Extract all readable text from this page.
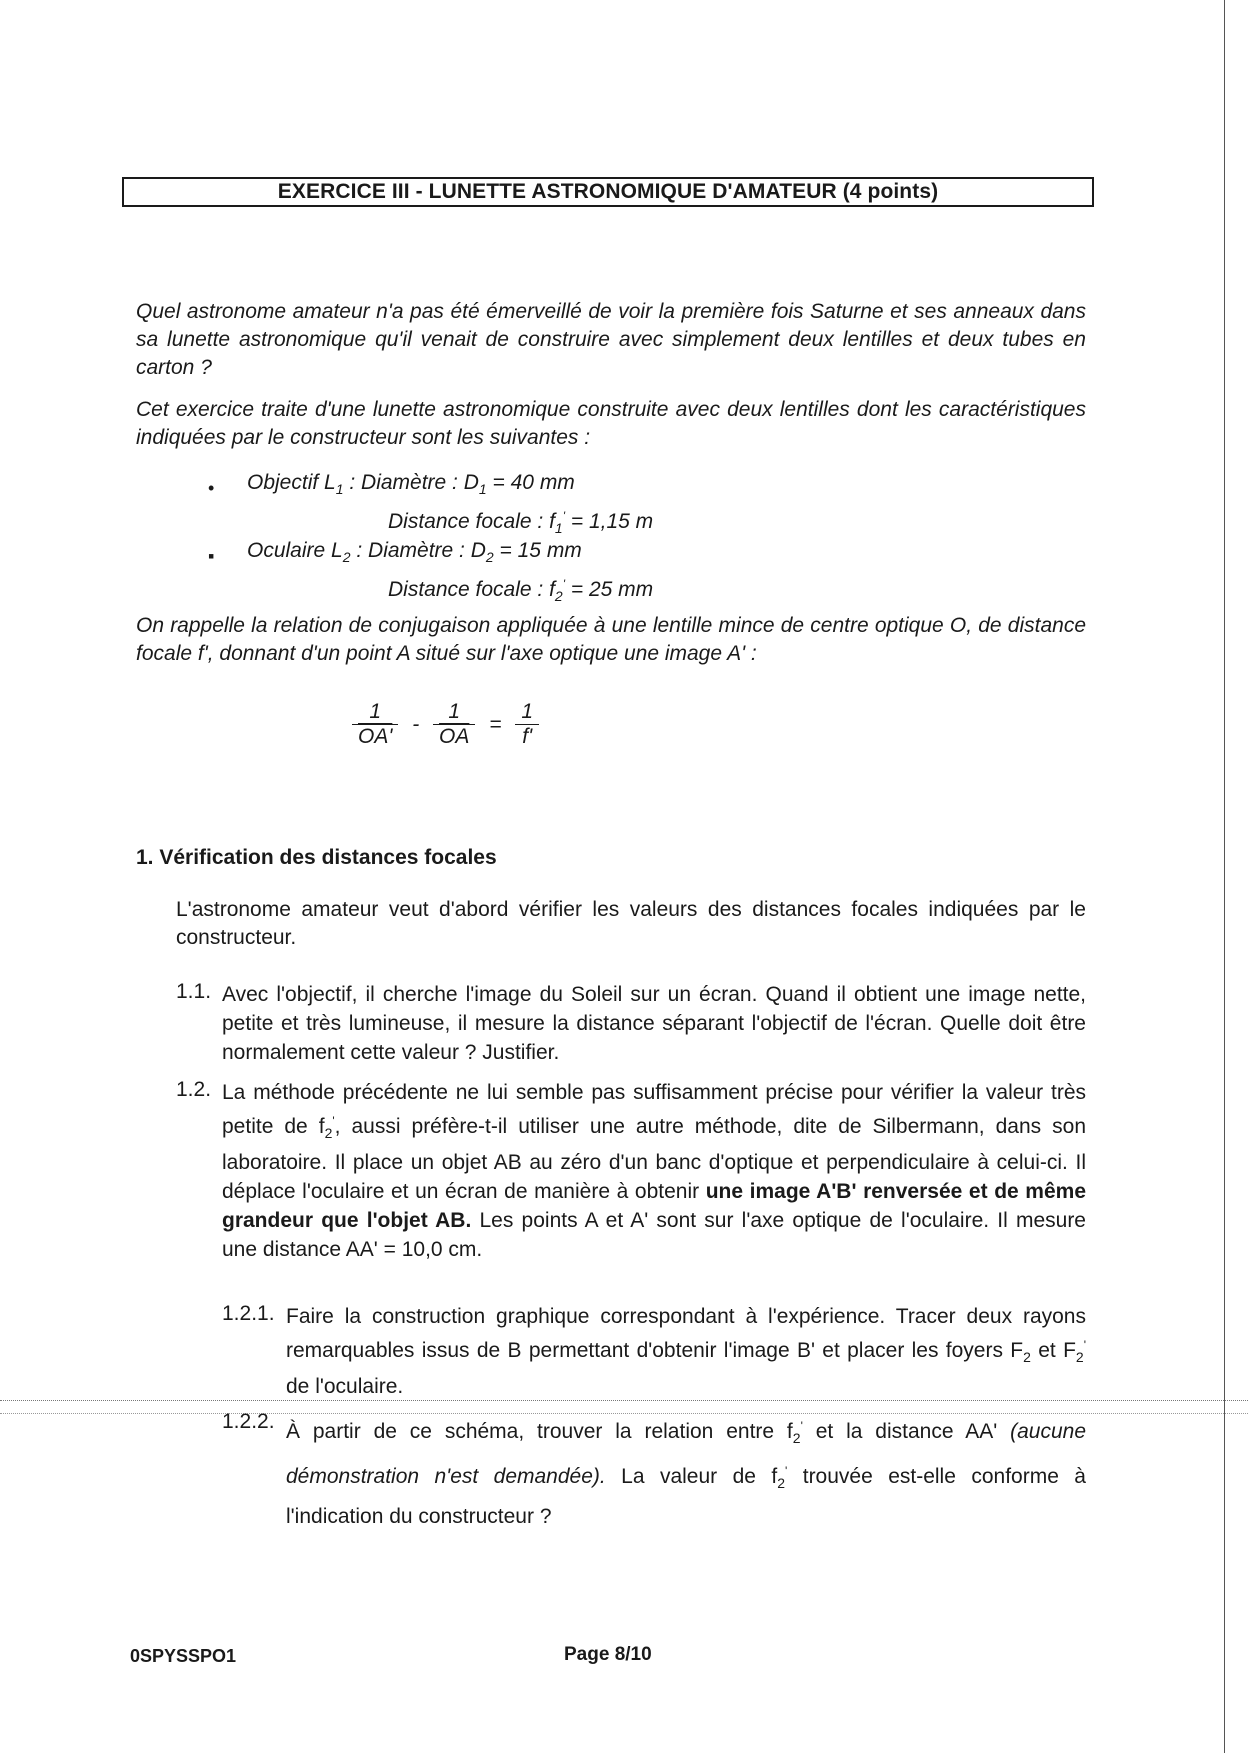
EXERCICE III - LUNETTE ASTRONOMIQUE D'AMATEUR (4 points)
Quel astronome amateur n'a pas été émerveillé de voir la première fois Saturne et ses anneaux dans sa lunette astronomique qu'il venait de construire avec simplement deux lentilles et deux tubes en carton ?
Cet exercice traite d'une lunette astronomique construite avec deux lentilles dont les caractéristiques indiquées par le constructeur sont les suivantes :
• Objectif $L_1$ : Diamètre : $D_1 = 40$ mm
Distance focale : $f_1' = 1,15$ m
▪ Oculaire $L_2$ : Diamètre : $D_2 = 15$ mm
Distance focale : $f_2' = 25$ mm
On rappelle la relation de conjugaison appliquée à une lentille mince de centre optique O, de distance focale f', donnant d'un point A situé sur l'axe optique une image A' :
$\frac{1}{OA'} - \frac{1}{OA} = \frac{1}{f'}$
1. Vérification des distances focales
L'astronome amateur veut d'abord vérifier les valeurs des distances focales indiquées par le constructeur.
1.1. Avec l'objectif, il cherche l'image du Soleil sur un écran. Quand il obtient une image nette, petite et très lumineuse, il mesure la distance séparant l'objectif de l'écran. Quelle doit être normalement cette valeur ? Justifier.
1.2. La méthode précédente ne lui semble pas suffisamment précise pour vérifier la valeur très petite de $f_2'$, aussi préfère-t-il utiliser une autre méthode, dite de Silbermann, dans son laboratoire. Il place un objet AB au zéro d'un banc d'optique et perpendiculaire à celui-ci. Il déplace l'oculaire et un écran de manière à obtenir une image A'B' renversée et de même grandeur que l'objet AB. Les points A et A' sont sur l'axe optique de l'oculaire. Il mesure une distance AA' = 10,0 cm.
1.2.1. Faire la construction graphique correspondant à l'expérience. Tracer deux rayons remarquables issus de B permettant d'obtenir l'image B' et placer les foyers $F_2$ et $F_2'$ de l'oculaire.
1.2.2. À partir de ce schéma, trouver la relation entre $f_2'$ et la distance AA' (aucune démonstration n'est demandée). La valeur de $f_2'$ trouvée est-elle conforme à l'indication du constructeur ?
0SPYSSPO1	Page 8/10
